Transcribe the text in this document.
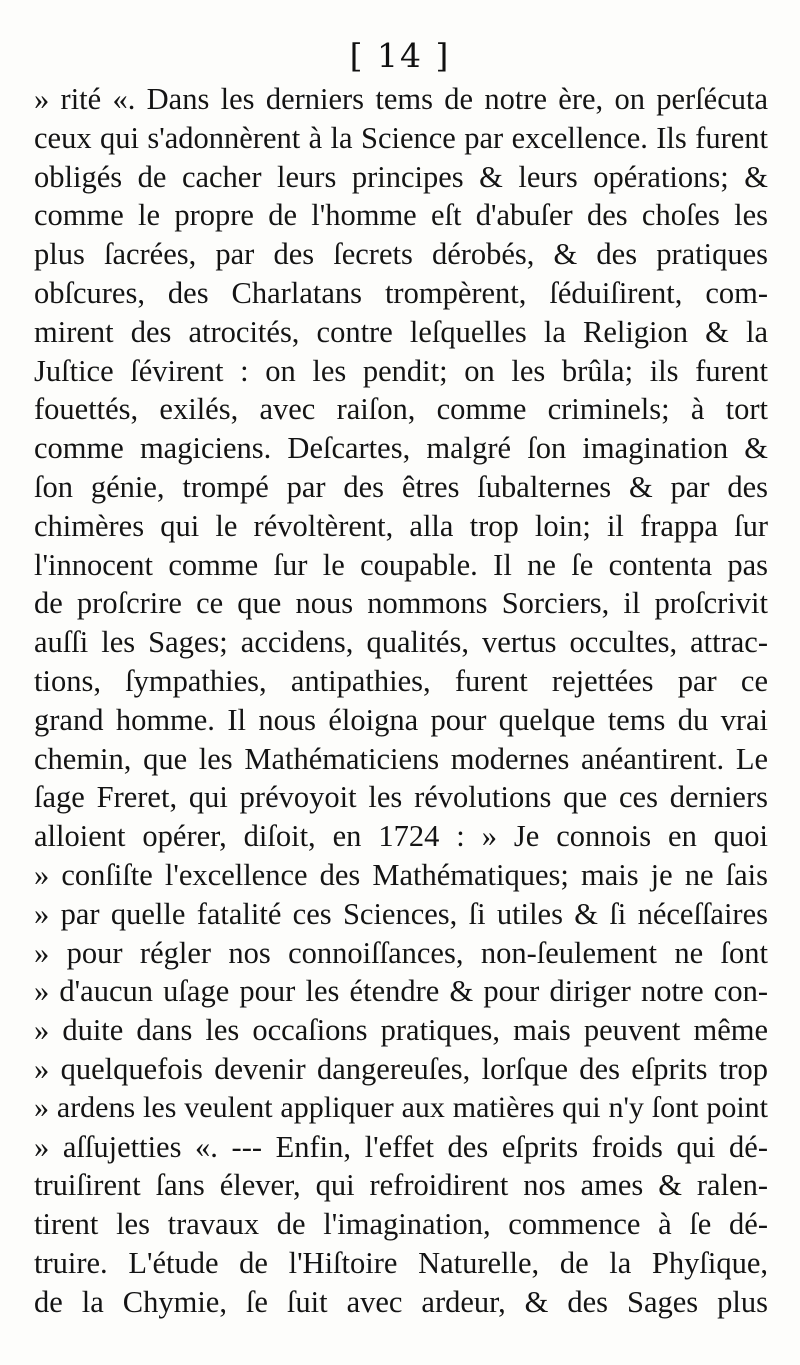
[ 14 ]
» rité «. Dans les derniers tems de notre ère, on perſécuta
ceux qui s'adonnèrent à la Science par excellence. Ils furent
obligés de cacher leurs principes & leurs opérations; &
comme le propre de l'homme eſt d'abuſer des choſes les
plus ſacrées, par des ſecrets dérobés, & des pratiques
obſcures, des Charlatans trompèrent, ſéduiſirent, com-
mirent des atrocités, contre leſquelles la Religion & la
Juſtice ſévirent : on les pendit; on les brûla; ils furent
fouettés, exilés, avec raiſon, comme criminels; à tort
comme magiciens. Deſcartes, malgré ſon imagination &
ſon génie, trompé par des êtres ſubalternes & par des
chimères qui le révoltèrent, alla trop loin; il frappa ſur
l'innocent comme ſur le coupable. Il ne ſe contenta pas
de proſcrire ce que nous nommons Sorciers, il proſcrivit
auſſi les Sages; accidens, qualités, vertus occultes, attrac-
tions, ſympathies, antipathies, furent rejettées par ce
grand homme. Il nous éloigna pour quelque tems du vrai
chemin, que les Mathématiciens modernes anéantirent. Le
ſage Freret, qui prévoyoit les révolutions que ces derniers
alloient opérer, diſoit, en 1724 : » Je connois en quoi
» conſiſte l'excellence des Mathématiques; mais je ne ſais
» par quelle fatalité ces Sciences, ſi utiles & ſi néceſſaires
» pour régler nos connoiſſances, non-ſeulement ne ſont
» d'aucun uſage pour les étendre & pour diriger notre con-
» duite dans les occaſions pratiques, mais peuvent même
» quelquefois devenir dangereuſes, lorſque des eſprits trop
» ardens les veulent appliquer aux matières qui n'y ſont point
» aſſujetties «. --- Enfin, l'effet des eſprits froids qui dé-
truiſirent ſans élever, qui refroidirent nos ames & ralen-
tirent les travaux de l'imagination, commence à ſe dé-
truire. L'étude de l'Hiſtoire Naturelle, de la Phyſique,
de la Chymie, ſe ſuit avec ardeur, & des Sages plus
